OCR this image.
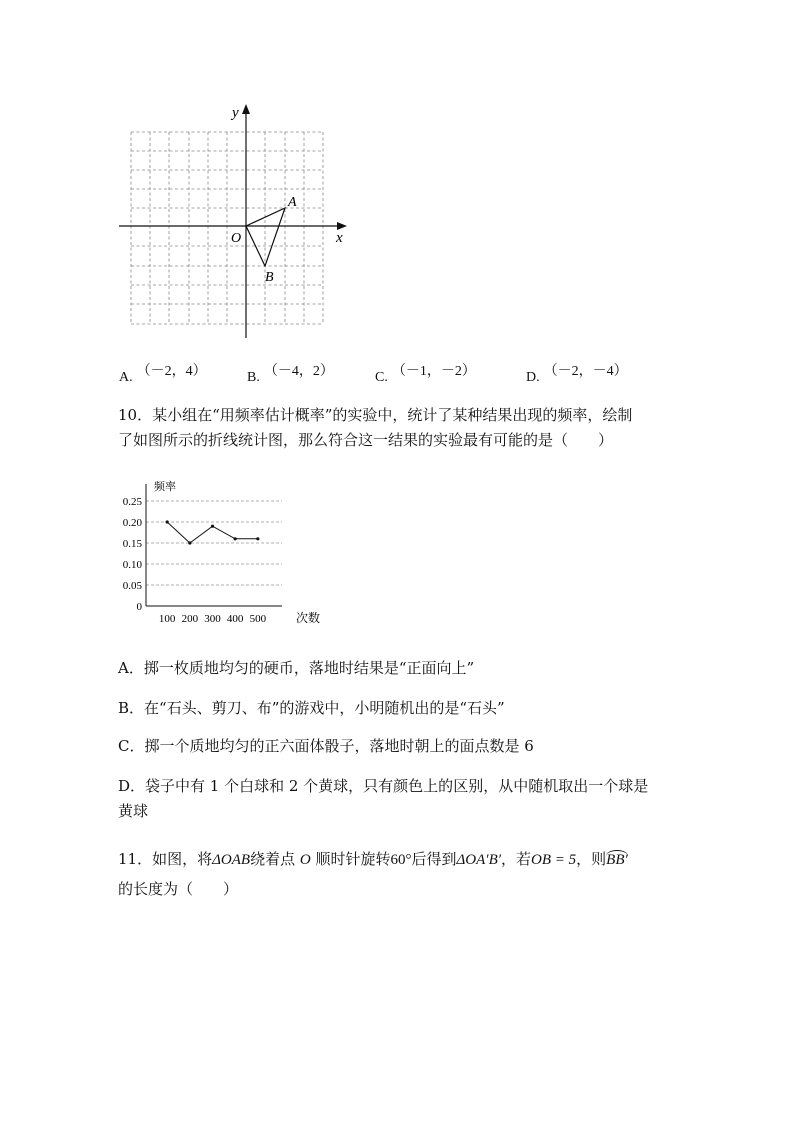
y
x
O
A
B
A. （－2，4）	B. （－4，2）	C. （－1，－2）	D. （－2，－4）
10．某小组在“用频率估计概率”的实验中，统计了某种结果出现的频率，绘制
了如图所示的折线统计图，那么符合这一结果的实验最有可能的是（　　）
0.25
0.20
0.15
0.10
0.05
0
100 200 300 400 500
频率
次数
A．掷一枚质地均匀的硬币，落地时结果是“正面向上”
B．在“石头、剪刀、布”的游戏中，小明随机出的是“石头”
C．掷一个质地均匀的正六面体骰子，落地时朝上的面点数是 6
D．袋子中有 1 个白球和 2 个黄球，只有颜色上的区别，从中随机取出一个球是
黄球
11．如图，将ΔOAB绕着点 O 顺时针旋转60°后得到ΔOA′B′，若OB = 5，则BB′
的长度为（　　）
